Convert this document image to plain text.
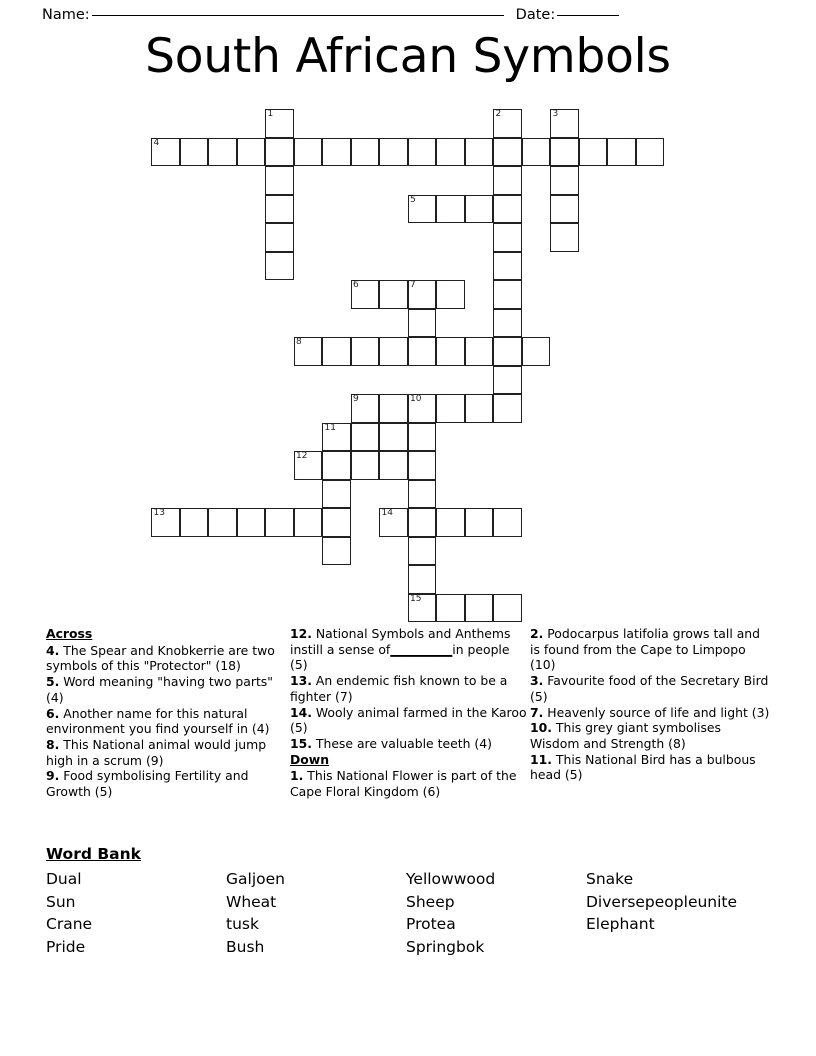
Name:	Date:
South African Symbols
1	2	3
4
5
6	7
8
9	10
11
12
13	14
15
Across
4. The Spear and Knobkerrie are two symbols of this "Protector" (18)
5. Word meaning "having two parts" (4)
6. Another name for this natural environment you find yourself in (4)
8. This National animal would jump high in a scrum (9)
9. Food symbolising Fertility and Growth (5)
12. National Symbols and Anthems instill a sense of__________in people (5)
13. An endemic fish known to be a fighter (7)
14. Wooly animal farmed in the Karoo (5)
15. These are valuable teeth (4)
Down
1. This National Flower is part of the Cape Floral Kingdom (6)
2. Podocarpus latifolia grows tall and is found from the Cape to Limpopo (10)
3. Favourite food of the Secretary Bird (5)
7. Heavenly source of life and light (3)
10. This grey giant symbolises Wisdom and Strength (8)
11. This National Bird has a bulbous head (5)
Word Bank
Dual
Sun
Crane
Pride
Galjoen
Wheat
tusk
Bush
Yellowwood
Sheep
Protea
Springbok
Snake
Diversepeopleunite
Elephant
